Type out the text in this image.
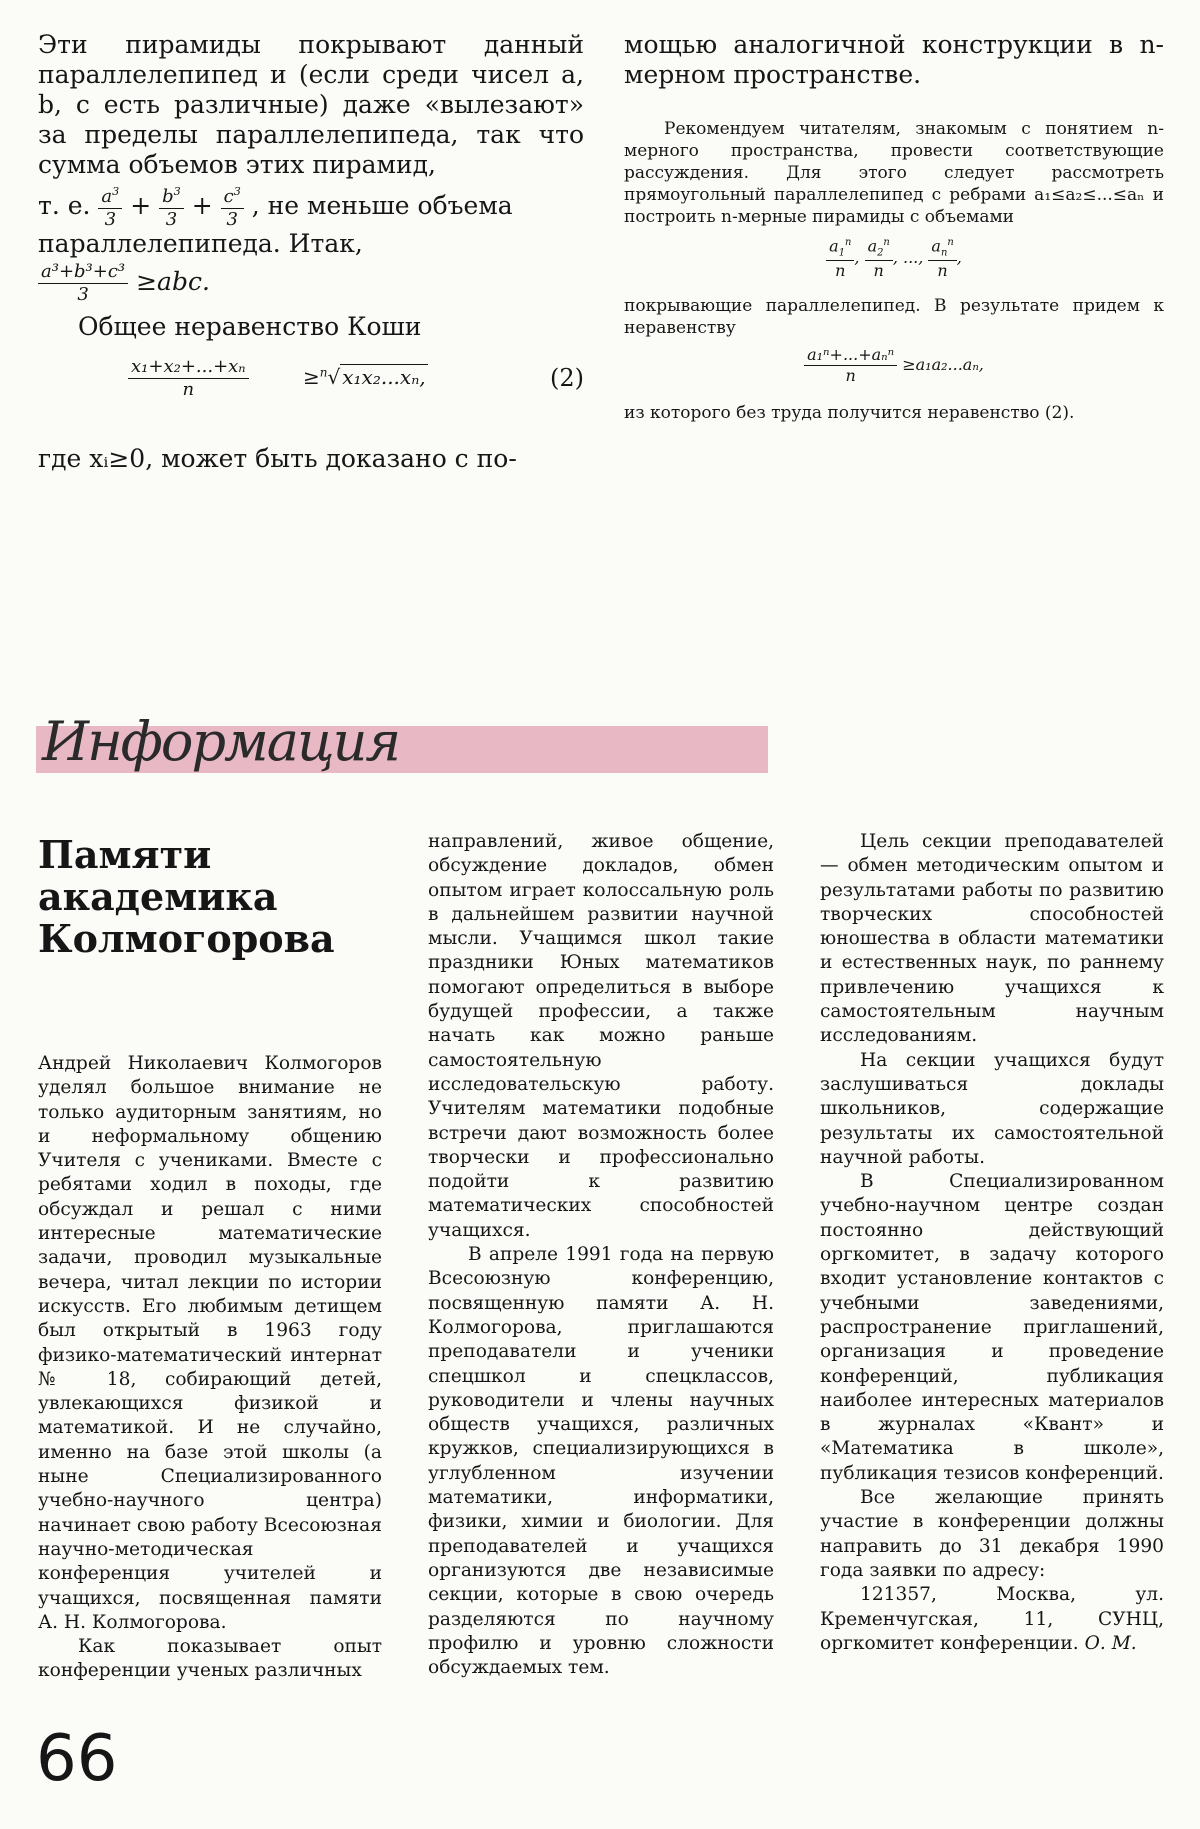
Эти пирамиды покрывают данный параллелепипед и (если среди чисел a, b, c есть различные) даже «вылезают» за пределы параллелепипеда, так что сумма объемов этих пирамид,

т. е. $\frac{a^3}{3} + \frac{b^3}{3} + \frac{c^3}{3}$ , не меньше объема параллелепипеда. Итак,

$\frac{\text{a³+b³+c³}}{3} \ge abc$.

Общее неравенство Коши

$\frac{\text{x₁+x₂+...+xₙ}}{n}$	≥$^n$√ x₁x₂...xₙ,	(2)

где xᵢ≥0, может быть доказано с по-

мощью аналогичной конструкции в n-мерном пространстве.

Рекомендуем читателям, знакомым с понятием n-мерного пространства, провести соответствующие рассуждения. Для этого следует рассмотреть прямоугольный параллелепипед с ребрами a₁≤a₂≤...≤aₙ и построить n-мерные пирамиды с объемами

$\frac{a_1^n}{n}$ , $\frac{a_2^n}{n}$ , ..., $\frac{a_n^n}{n}$ ,

покрывающие параллелепипед. В результате придем к неравенству

$\frac{\text{a₁ⁿ+...+aₙⁿ}}{n} \ge a_1a_2...a_n$,

из которого без труда получится неравенство (2).

Информация
Памяти
академика
Колмогорова

Андрей Николаевич Колмогоров уделял большое внимание не только аудиторным занятиям, но и неформальному общению Учителя с учениками. Вместе с ребятами ходил в походы, где обсуждал и решал с ними интересные математические задачи, проводил музыкальные вечера, читал лекции по истории искусств. Его любимым детищем был открытый в 1963 году физико-математический интернат № 18, собирающий детей, увлекающихся физикой и математикой. И не случайно, именно на базе этой школы (а ныне Специализированного учебно-научного центра) начинает свою работу Всесоюзная научно-методическая конференция учителей и учащихся, посвященная памяти А. Н. Колмогорова.

Как показывает опыт конференции ученых различных

направлений, живое общение, обсуждение докладов, обмен опытом играет колоссальную роль в дальнейшем развитии научной мысли. Учащимся школ такие праздники Юных математиков помогают определиться в выборе будущей профессии, а также начать как можно раньше самостоятельную исследовательскую работу. Учителям математики подобные встречи дают возможность более творчески и профессионально подойти к развитию математических способностей учащихся.

В апреле 1991 года на первую Всесоюзную конференцию, посвященную памяти А. Н. Колмогорова, приглашаются преподаватели и ученики спецшкол и спецклассов, руководители и члены научных обществ учащихся, различных кружков, специализирующихся в углубленном изучении математики, информатики, физики, химии и биологии. Для преподавателей и учащихся организуются две независимые секции, которые в свою очередь разделяются по научному профилю и уровню сложности обсуждаемых тем.

Цель секции преподавателей — обмен методическим опытом и результатами работы по развитию творческих способностей юношества в области математики и естественных наук, по раннему привлечению учащихся к самостоятельным научным исследованиям.

На секции учащихся будут заслушиваться доклады школьников, содержащие результаты их самостоятельной научной работы.

В Специализированном учебно-научном центре создан постоянно действующий оргкомитет, в задачу которого входит установление контактов с учебными заведениями, распространение приглашений, организация и проведение конференций, публикация наиболее интересных материалов в журналах «Квант» и «Математика в школе», публикация тезисов конференций.

Все желающие принять участие в конференции должны направить до 31 декабря 1990 года заявки по адресу:

121357, Москва, ул. Кременчугская, 11, СУНЦ, оргкомитет конференции. О. М.

66
